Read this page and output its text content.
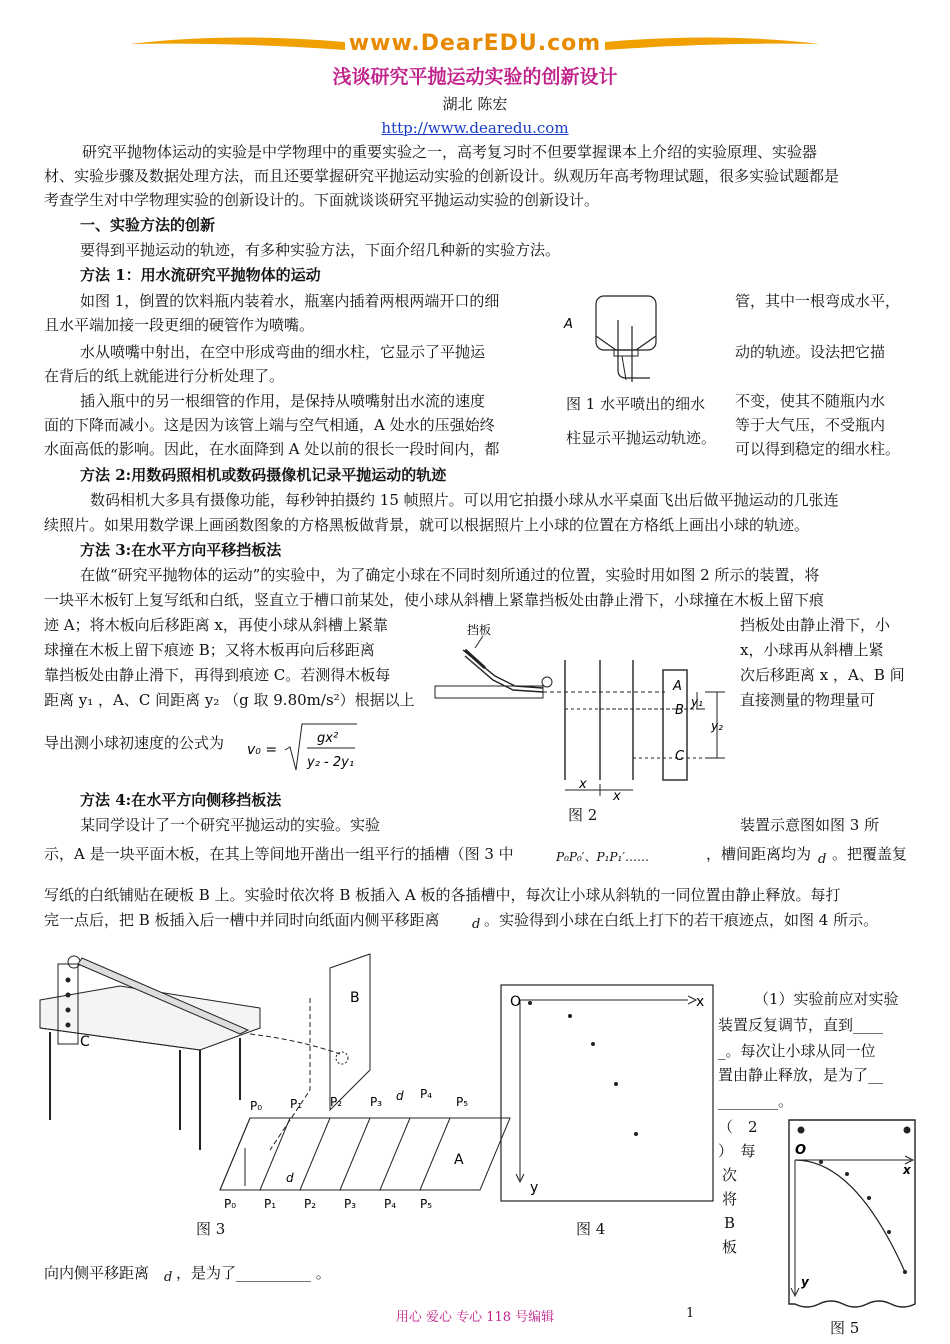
www.DearEDU.com
浅谈研究平抛运动实验的创新设计
湖北 陈宏
http://www.dearedu.com
研究平抛物体运动的实验是中学物理中的重要实验之一，高考复习时不但要掌握课本上介绍的实验原理、实验器
材、实验步骤及数据处理方法，而且还要掌握研究平抛运动实验的创新设计。纵观历年高考物理试题，很多实验试题都是
考查学生对中学物理实验的创新设计的。下面就谈谈研究平抛运动实验的创新设计。
一、实验方法的创新
要得到平抛运动的轨迹，有多种实验方法，下面介绍几种新的实验方法。
方法 1：用水流研究平抛物体的运动
如图 1，倒置的饮料瓶内装着水，瓶塞内插着两根两端开口的细
且水平端加接一段更细的硬管作为喷嘴。
水从喷嘴中射出，在空中形成弯曲的细水柱，它显示了平抛运
在背后的纸上就能进行分析处理了。
插入瓶中的另一根细管的作用，是保持从喷嘴射出水流的速度
面的下降而减小。这是因为该管上端与空气相通，A 处水的压强始终
水面高低的影响。因此，在水面降到 A 处以前的很长一段时间内，都
管，其中一根弯成水平，
动的轨迹。设法把它描
不变，使其不随瓶内水
等于大气压，不受瓶内
可以得到稳定的细水柱。
A
图 1 水平喷出的细水
柱显示平抛运动轨迹。
方法 2:用数码照相机或数码摄像机记录平抛运动的轨迹
数码相机大多具有摄像功能，每秒钟拍摄约 15 帧照片。可以用它拍摄小球从水平桌面飞出后做平抛运动的几张连
续照片。如果用数学课上画函数图象的方格黑板做背景，就可以根据照片上小球的位置在方格纸上画出小球的轨迹。
方法 3:在水平方向平移挡板法
在做“研究平抛物体的运动”的实验中，为了确定小球在不同时刻所通过的位置，实验时用如图 2 所示的装置，将
一块平木板钉上复写纸和白纸，竖直立于槽口前某处，使小球从斜槽上紧靠挡板处由静止滑下，小球撞在木板上留下痕
迹 A；将木板向后移距离 x，再使小球从斜槽上紧靠
球撞在木板上留下痕迹 B；又将木板再向后移距离
靠挡板处由静止滑下，再得到痕迹 C。若测得木板每
距离 y₁ ，A、C 间距离 y₂ （g 取 9.80m/s²）根据以上
导出测小球初速度的公式为
挡板处由静止滑下，小
x，小球再从斜槽上紧
次后移距离 x ，A、B 间
直接测量的物理量可
v₀ =
gx²
y₂ - 2y₁
挡板
A
B
C
y₁
y₂
x
x
图 2
方法 4:在水平方向侧移挡板法
某同学设计了一个研究平抛运动的实验。实验	装置示意图如图 3 所
示，A 是一块平面木板，在其上等间地开凿出一组平行的插槽（图 3 中	P₀P₀′、P₁P₁′……	，槽间距离均为 d 。把覆盖复
写纸的白纸铺贴在硬板 B 上。实验时依次将 B 板插入 A 板的各插槽中，每次让小球从斜轨的一同位置由静止释放。每打
完一点后，把 B 板插入后一槽中并同时向纸面内侧平移距离 d 。实验得到小球在白纸上打下的若干痕迹点，如图 4 所示。
C
B
A
P₀ P₁ P₂ P₃
P₄
P₅
d
d
P₀ P₁ P₂ P₃ P₄ P₅
图 3
O	x
y
图 4
（1）实验前应对实验
装置反复调节，直到____
_。每次让小球从同一位
置由静止释放，是为了__
________。
（　2
）　每
次
将
B
板
向内侧平移距离 d ，是为了__________ 。
O
x
y
图 5
用心 爱心 专心 118 号编辑	1
